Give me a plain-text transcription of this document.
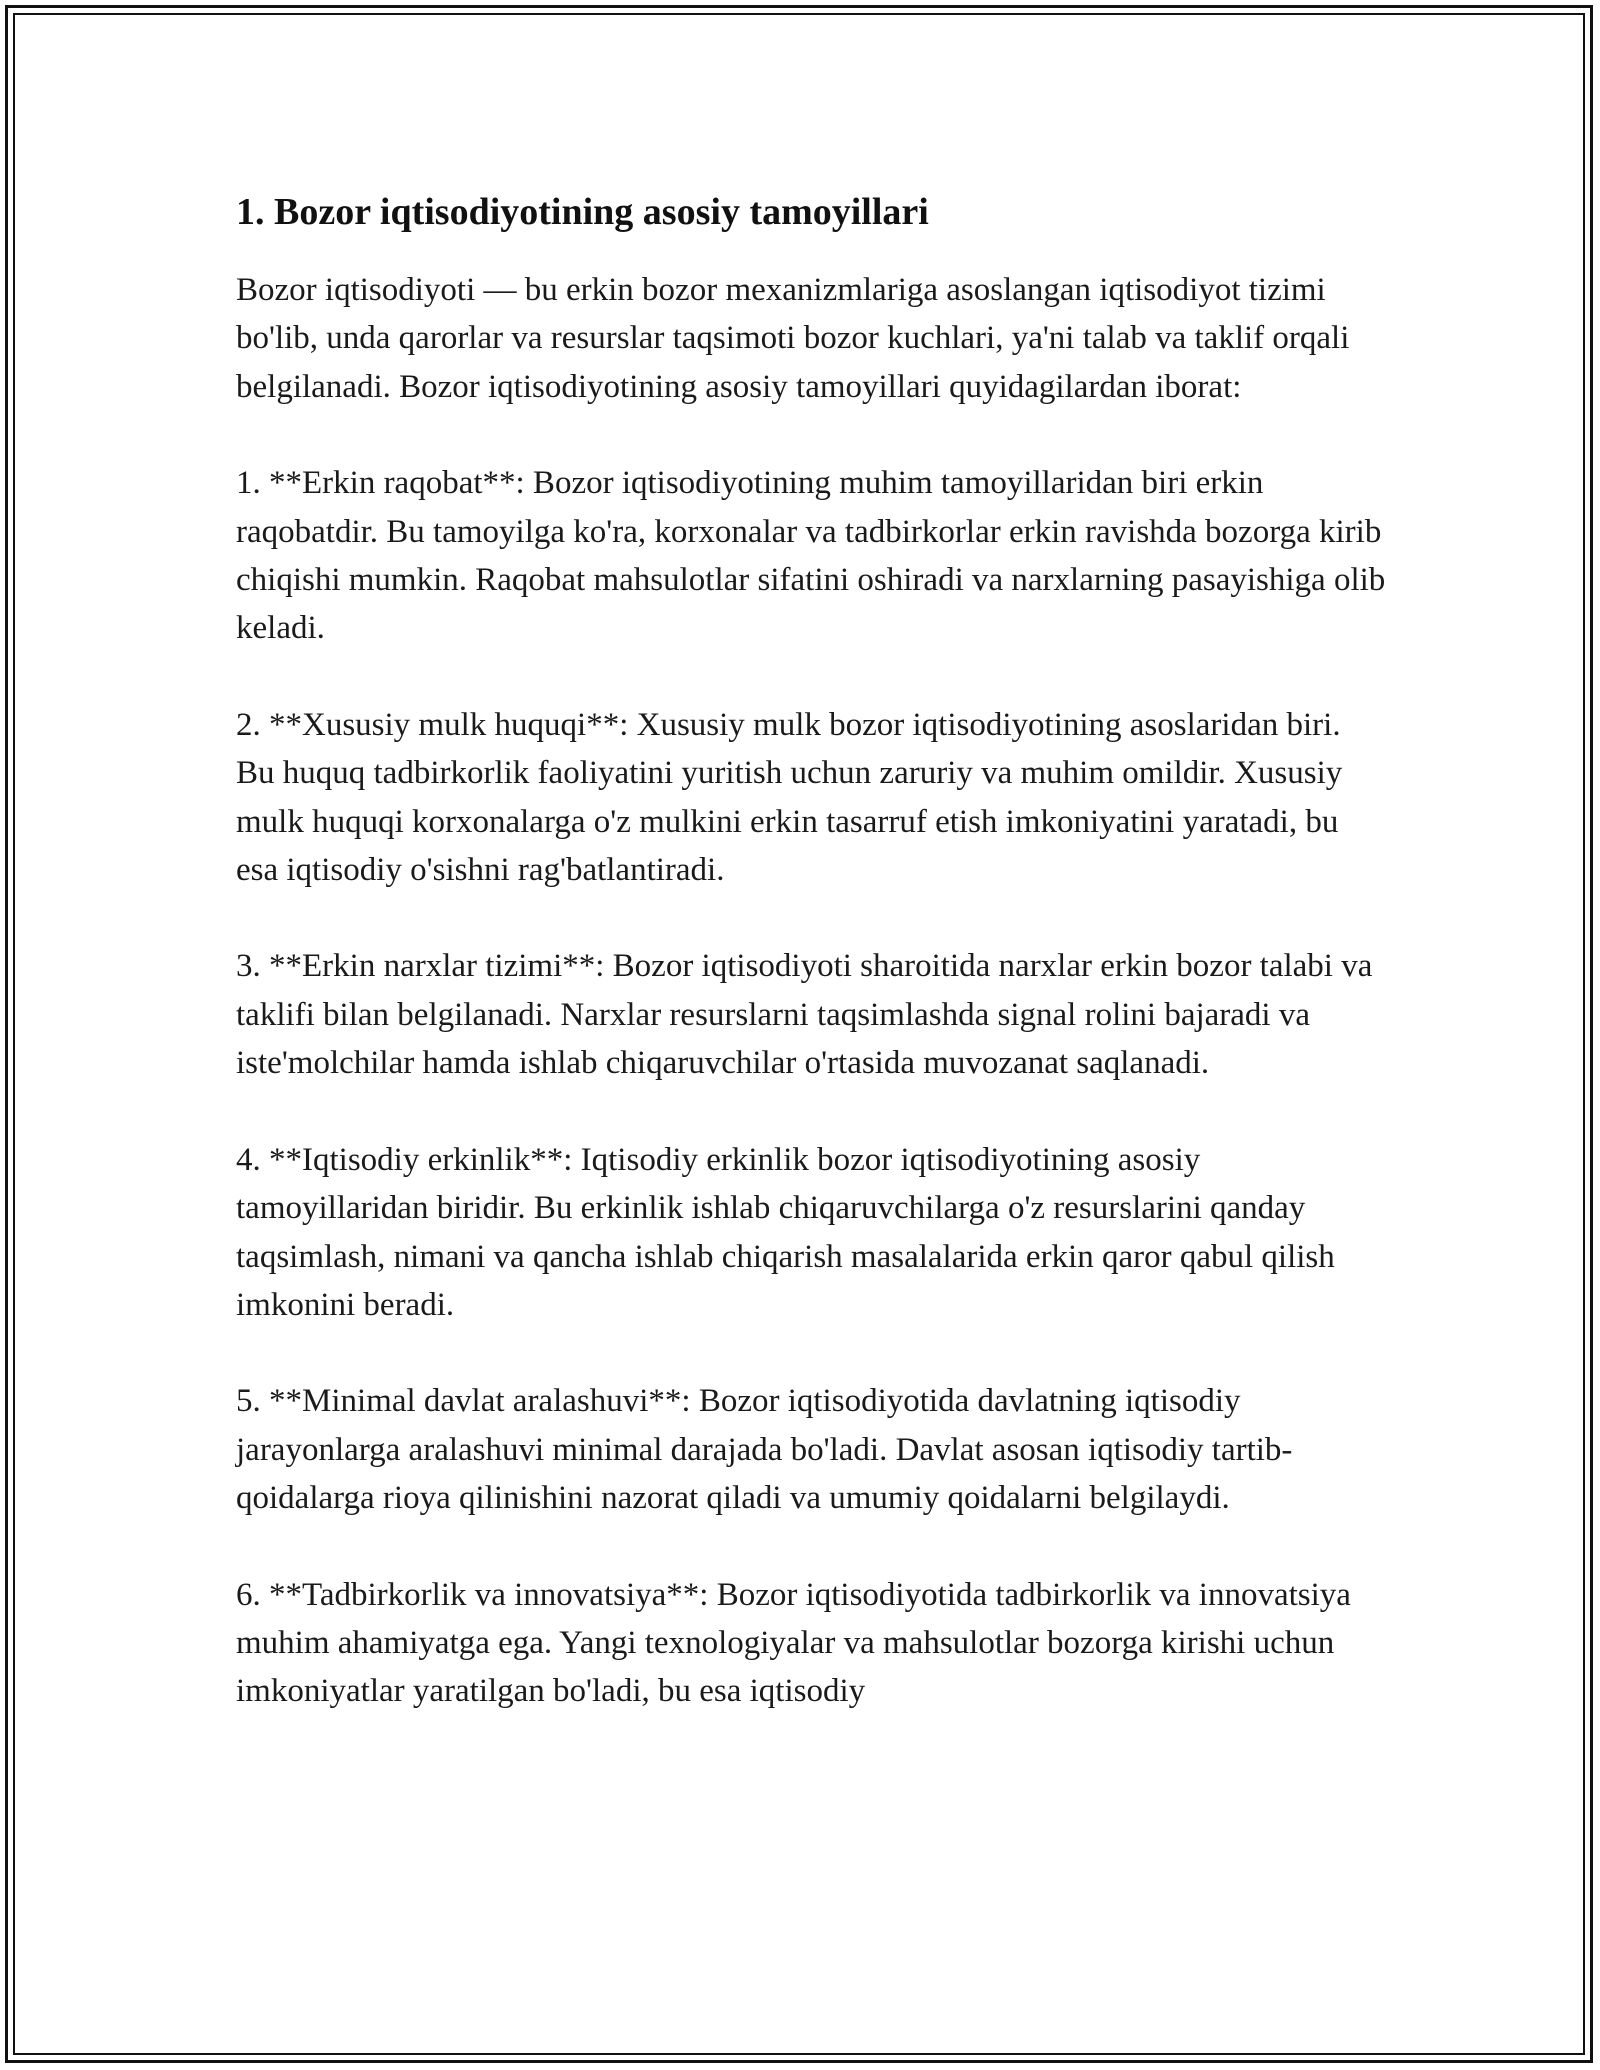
1. Bozor iqtisodiyotining asosiy tamoyillari

Bozor iqtisodiyoti — bu erkin bozor mexanizmlariga asoslangan iqtisodiyot tizimi bo'lib, unda qarorlar va resurslar taqsimoti bozor kuchlari, ya'ni talab va taklif orqali belgilanadi. Bozor iqtisodiyotining asosiy tamoyillari quyidagilardan iborat:

1. **Erkin raqobat**: Bozor iqtisodiyotining muhim tamoyillaridan biri erkin raqobatdir. Bu tamoyilga ko'ra, korxonalar va tadbirkorlar erkin ravishda bozorga kirib chiqishi mumkin. Raqobat mahsulotlar sifatini oshiradi va narxlarning pasayishiga olib keladi.

2. **Xususiy mulk huquqi**: Xususiy mulk bozor iqtisodiyotining asoslaridan biri. Bu huquq tadbirkorlik faoliyatini yuritish uchun zaruriy va muhim omildir. Xususiy mulk huquqi korxonalarga o'z mulkini erkin tasarruf etish imkoniyatini yaratadi, bu esa iqtisodiy o'sishni rag'batlantiradi.

3. **Erkin narxlar tizimi**: Bozor iqtisodiyoti sharoitida narxlar erkin bozor talabi va taklifi bilan belgilanadi. Narxlar resurslarni taqsimlashda signal rolini bajaradi va iste'molchilar hamda ishlab chiqaruvchilar o'rtasida muvozanat saqlanadi.

4. **Iqtisodiy erkinlik**: Iqtisodiy erkinlik bozor iqtisodiyotining asosiy tamoyillaridan biridir. Bu erkinlik ishlab chiqaruvchilarga o'z resurslarini qanday taqsimlash, nimani va qancha ishlab chiqarish masalalarida erkin qaror qabul qilish imkonini beradi.

5. **Minimal davlat aralashuvi**: Bozor iqtisodiyotida davlatning iqtisodiy jarayonlarga aralashuvi minimal darajada bo'ladi. Davlat asosan iqtisodiy tartib-qoidalarga rioya qilinishini nazorat qiladi va umumiy qoidalarni belgilaydi.

6. **Tadbirkorlik va innovatsiya**: Bozor iqtisodiyotida tadbirkorlik va innovatsiya muhim ahamiyatga ega. Yangi texnologiyalar va mahsulotlar bozorga kirishi uchun imkoniyatlar yaratilgan bo'ladi, bu esa iqtisodiy
